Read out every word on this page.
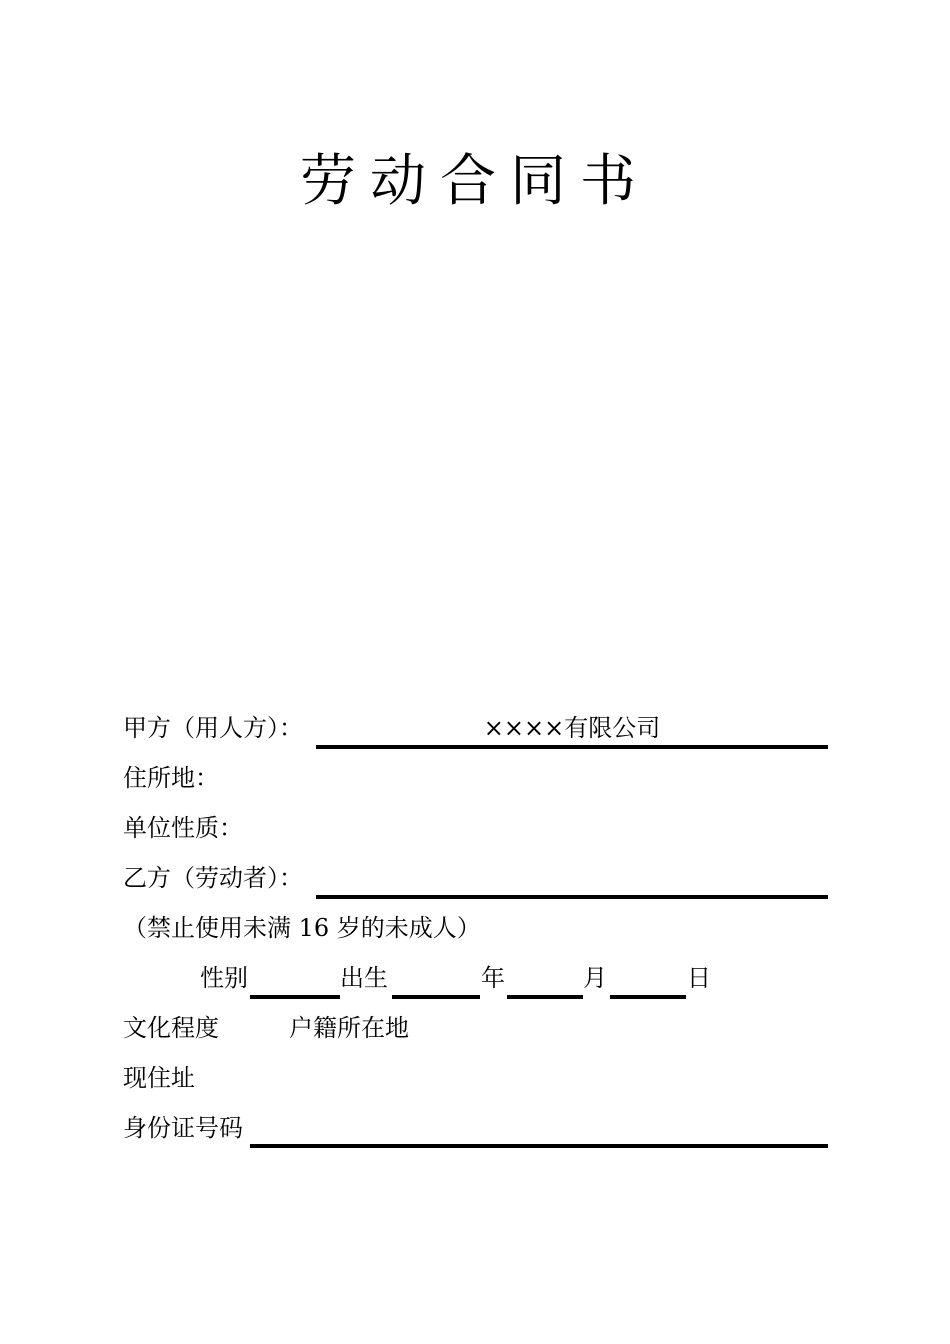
劳动合同书
甲方（用人方）：	××××有限公司
住所地：
单位性质：
乙方（劳动者）：
（禁止使用未满 16 岁的未成人）
性别	出生	年	月	日
文化程度	户籍所在地
现住址
身份证号码
